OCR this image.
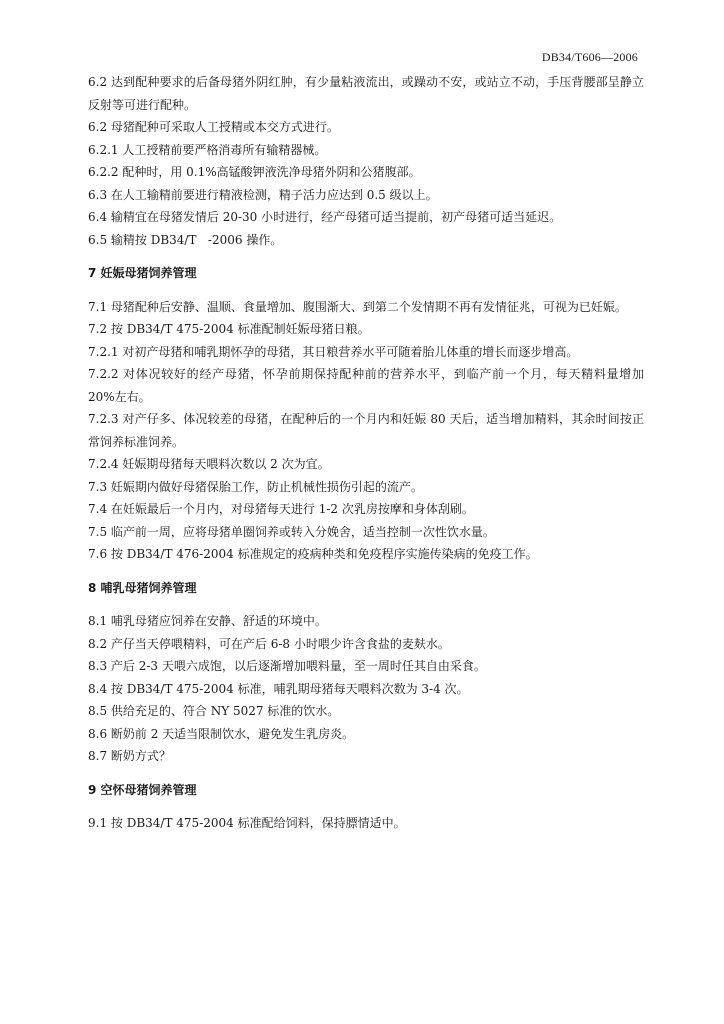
DB34/T606—2006

6.2 达到配种要求的后备母猪外阴红肿，有少量粘液流出，或躁动不安，或站立不动，手压背腰部呈静立反射等可进行配种。

6.2 母猪配种可采取人工授精或本交方式进行。

6.2.1 人工授精前要严格消毒所有输精器械。

6.2.2 配种时，用 0.1%高锰酸钾液洗净母猪外阴和公猪腹部。

6.3 在人工输精前要进行精液检测，精子活力应达到 0.5 级以上。

6.4 输精宜在母猪发情后 20-30 小时进行，经产母猪可适当提前，初产母猪可适当延迟。

6.5 输精按 DB34/T   -2006 操作。

7 妊娠母猪饲养管理

7.1 母猪配种后安静、温顺、食量增加、腹围渐大、到第二个发情期不再有发情征兆，可视为已妊娠。

7.2 按 DB34/T 475-2004 标准配制妊娠母猪日粮。

7.2.1 对初产母猪和哺乳期怀孕的母猪，其日粮营养水平可随着胎儿体重的增长而逐步增高。

7.2.2 对体况较好的经产母猪，怀孕前期保持配种前的营养水平，到临产前一个月，每天精料量增加 20%左右。

7.2.3 对产仔多、体况较差的母猪，在配种后的一个月内和妊娠 80 天后，适当增加精料，其余时间按正常饲养标准饲养。

7.2.4 妊娠期母猪每天喂料次数以 2 次为宜。

7.3 妊娠期内做好母猪保胎工作，防止机械性损伤引起的流产。

7.4 在妊娠最后一个月内，对母猪每天进行 1-2 次乳房按摩和身体刮刷。

7.5 临产前一周，应将母猪单圈饲养或转入分娩舍，适当控制一次性饮水量。

7.6 按 DB34/T 476-2004 标准规定的疫病种类和免疫程序实施传染病的免疫工作。

8 哺乳母猪饲养管理

8.1 哺乳母猪应饲养在安静、舒适的环境中。

8.2 产仔当天停喂精料，可在产后 6-8 小时喂少许含食盐的麦麸水。

8.3 产后 2-3 天喂六成饱，以后逐渐增加喂料量，至一周时任其自由采食。

8.4 按 DB34/T 475-2004 标准，哺乳期母猪每天喂料次数为 3-4 次。

8.5 供给充足的、符合 NY 5027 标准的饮水。

8.6 断奶前 2 天适当限制饮水，避免发生乳房炎。

8.7 断奶方式？

9 空怀母猪饲养管理

9.1 按 DB34/T 475-2004 标准配给饲料，保持膘情适中。
